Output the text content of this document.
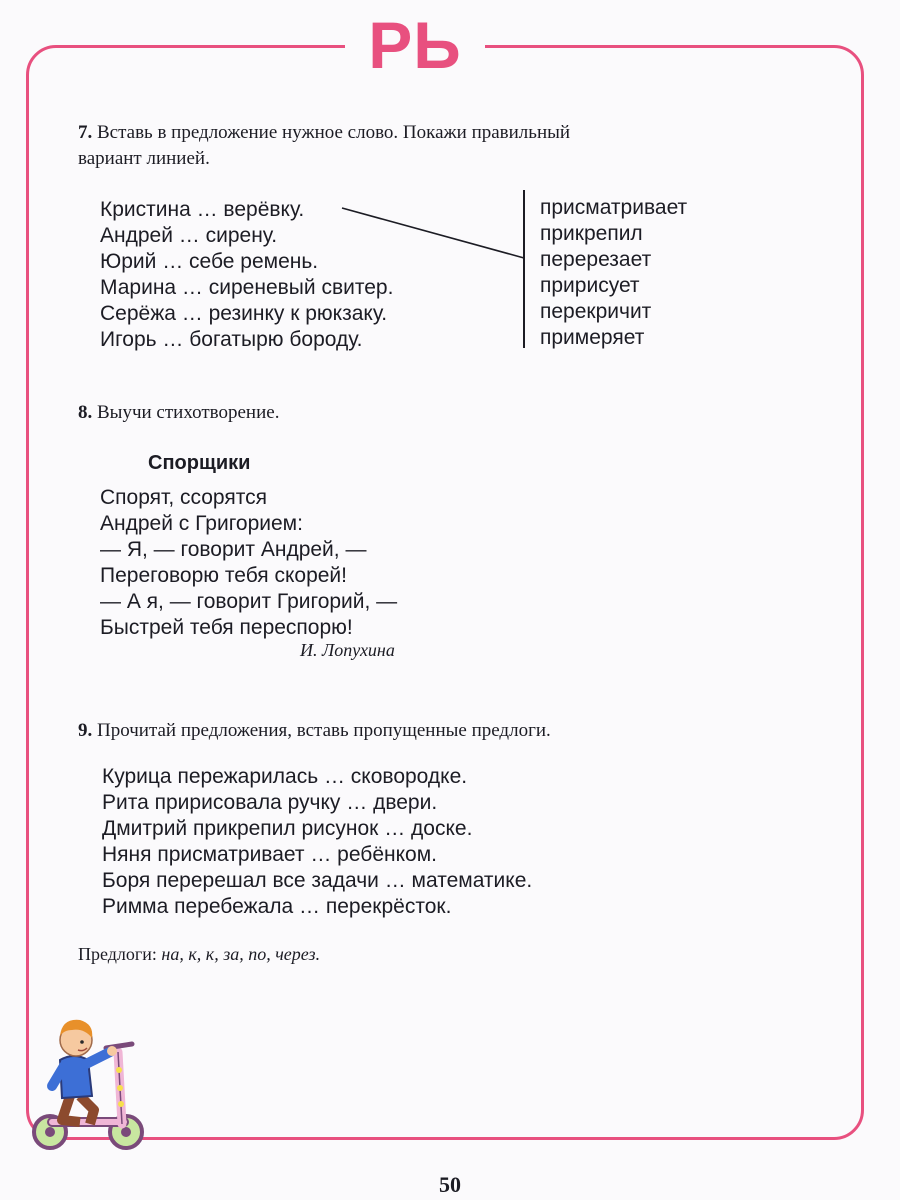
РЬ
7. Вставь в предложение нужное слово. Покажи правильный
вариант линией.
Кристина … верёвку.
Андрей … сирену.
Юрий … себе ремень.
Марина … сиреневый свитер.
Серёжа … резинку к рюкзаку.
Игорь … богатырю бороду.
присматривает
прикрепил
перерезает
пририсует
перекричит
примеряет
8. Выучи стихотворение.
Спорщики
Спорят, ссорятся
Андрей с Григорием:
— Я, — говорит Андрей, —
Переговорю тебя скорей!
— А я, — говорит Григорий, —
Быстрей тебя переспорю!
И. Лопухина
9. Прочитай предложения, вставь пропущенные предлоги.
Курица пережарилась … сковородке.
Рита пририсовала ручку … двери.
Дмитрий прикрепил рисунок … доске.
Няня присматривает … ребёнком.
Боря перерешал все задачи … математике.
Римма перебежала … перекрёсток.
Предлоги: на, к, к, за, по, через.
50
